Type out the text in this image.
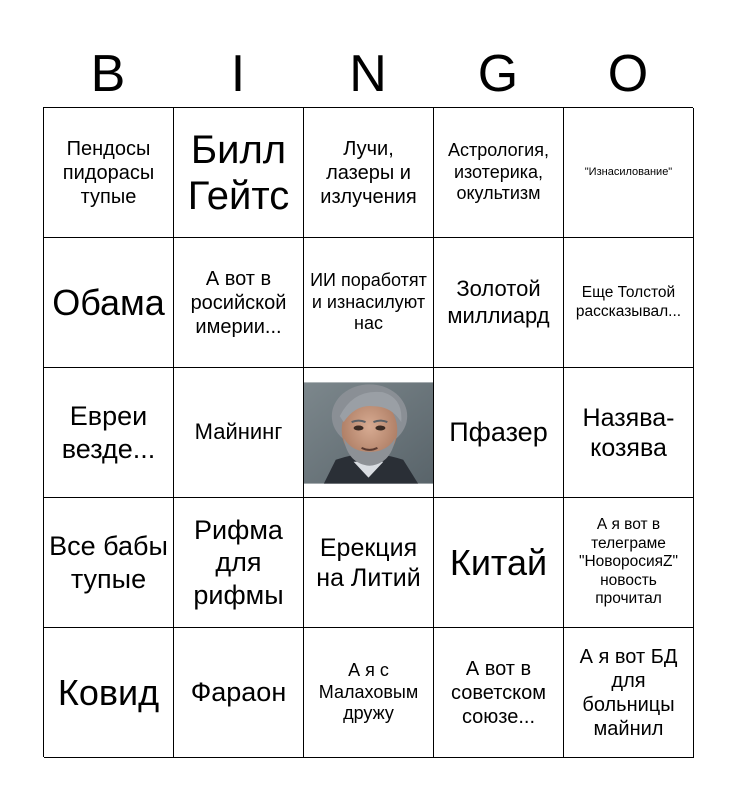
B	I	N	G	O
Пендосы пидорасы тупые
Билл Гейтс
Лучи, лазеры и излучения
Астрология, изотерика, окультизм
"Изнасилование"
Обама
А вот в росийской имерии...
ИИ поработят и изнасилуют нас
Золотой миллиард
Еще Толстой рассказывал...
Евреи везде...
Майнинг	Пфазер	Назява-козява
Все бабы тупые
Рифма для рифмы
Ерекция на Литий Китай
А я вот в телеграме "НоворосияZ" новость прочитал
Ковид Фараон
А я с Малаховым дружу
А вот в советском союзе...
А я вот БД для больницы майнил
